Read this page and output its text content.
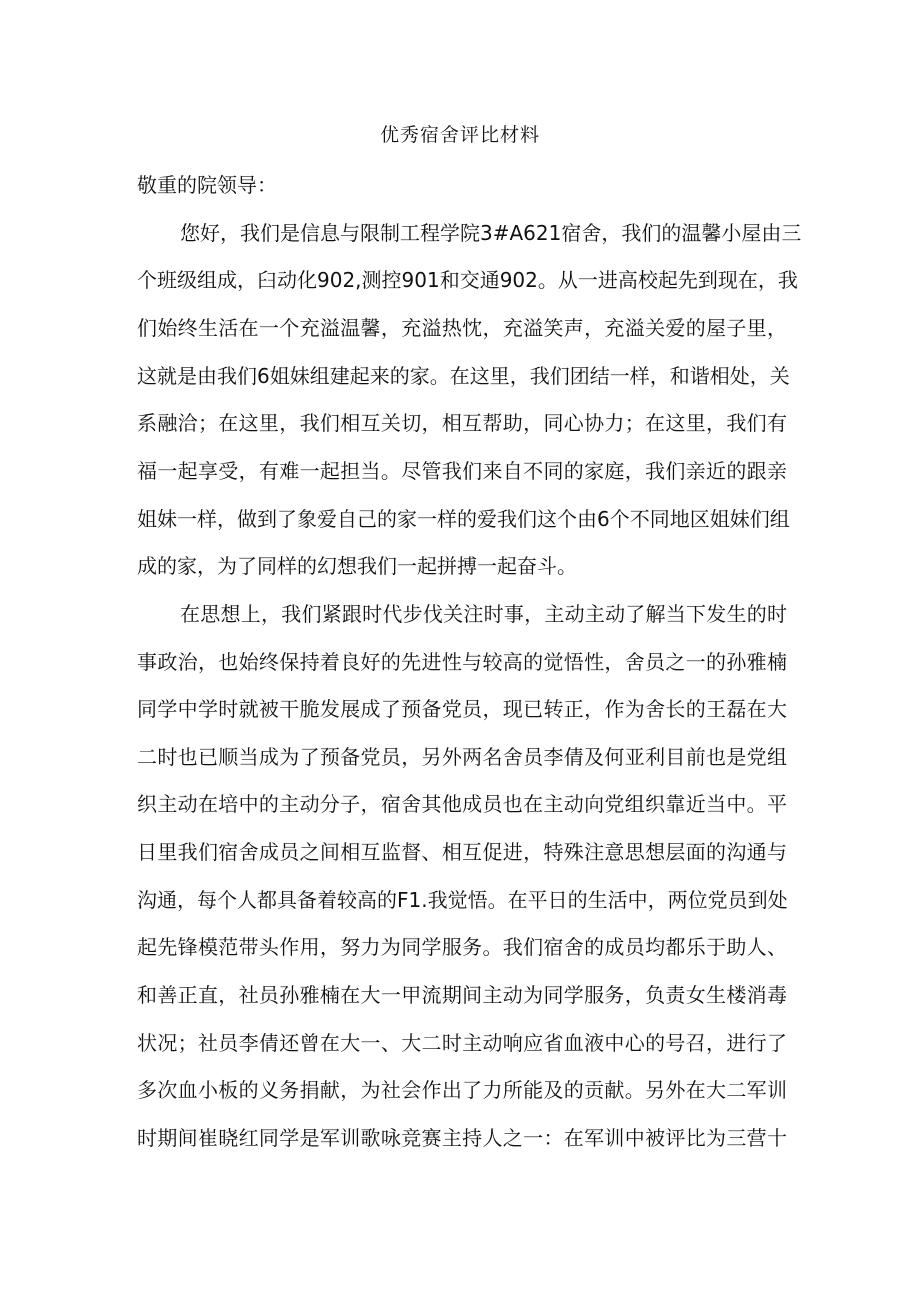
优秀宿舍评比材料
敬重的院领导：
您好，我们是信息与限制工程学院3#A621宿舍，我们的温馨小屋由三
个班级组成，臼动化902,测控901和交通902。从一进高校起先到现在，我
们始终生活在一个充溢温馨，充溢热忱，充溢笑声，充溢关爱的屋子里，
这就是由我们6姐妹组建起来的家。在这里，我们团结一样，和谐相处，关
系融洽；在这里，我们相互关切，相互帮助，同心协力；在这里，我们有
福一起享受，有难一起担当。尽管我们来自不同的家庭，我们亲近的跟亲
姐妹一样，做到了象爱自己的家一样的爱我们这个由6个不同地区姐妹们组
成的家，为了同样的幻想我们一起拼搏一起奋斗。
在思想上，我们紧跟时代步伐关注时事，主动主动了解当下发生的时
事政治，也始终保持着良好的先进性与较高的觉悟性，舍员之一的孙雅楠
同学中学时就被干脆发展成了预备党员，现已转正，作为舍长的王磊在大
二时也已顺当成为了预备党员，另外两名舍员李倩及何亚利目前也是党组
织主动在培中的主动分子，宿舍其他成员也在主动向党组织靠近当中。平
日里我们宿舍成员之间相互监督、相互促进，特殊注意思想层面的沟通与
沟通，每个人都具备着较高的F1.我觉悟。在平日的生活中，两位党员到处
起先锋模范带头作用，努力为同学服务。我们宿舍的成员均都乐于助人、
和善正直，社员孙雅楠在大一甲流期间主动为同学服务，负责女生楼消毒
状况；社员李倩还曾在大一、大二时主动响应省血液中心的号召，进行了
多次血小板的义务捐献，为社会作出了力所能及的贡献。另外在大二军训
时期间崔晓红同学是军训歌咏竞赛主持人之一：在军训中被评比为三营十
